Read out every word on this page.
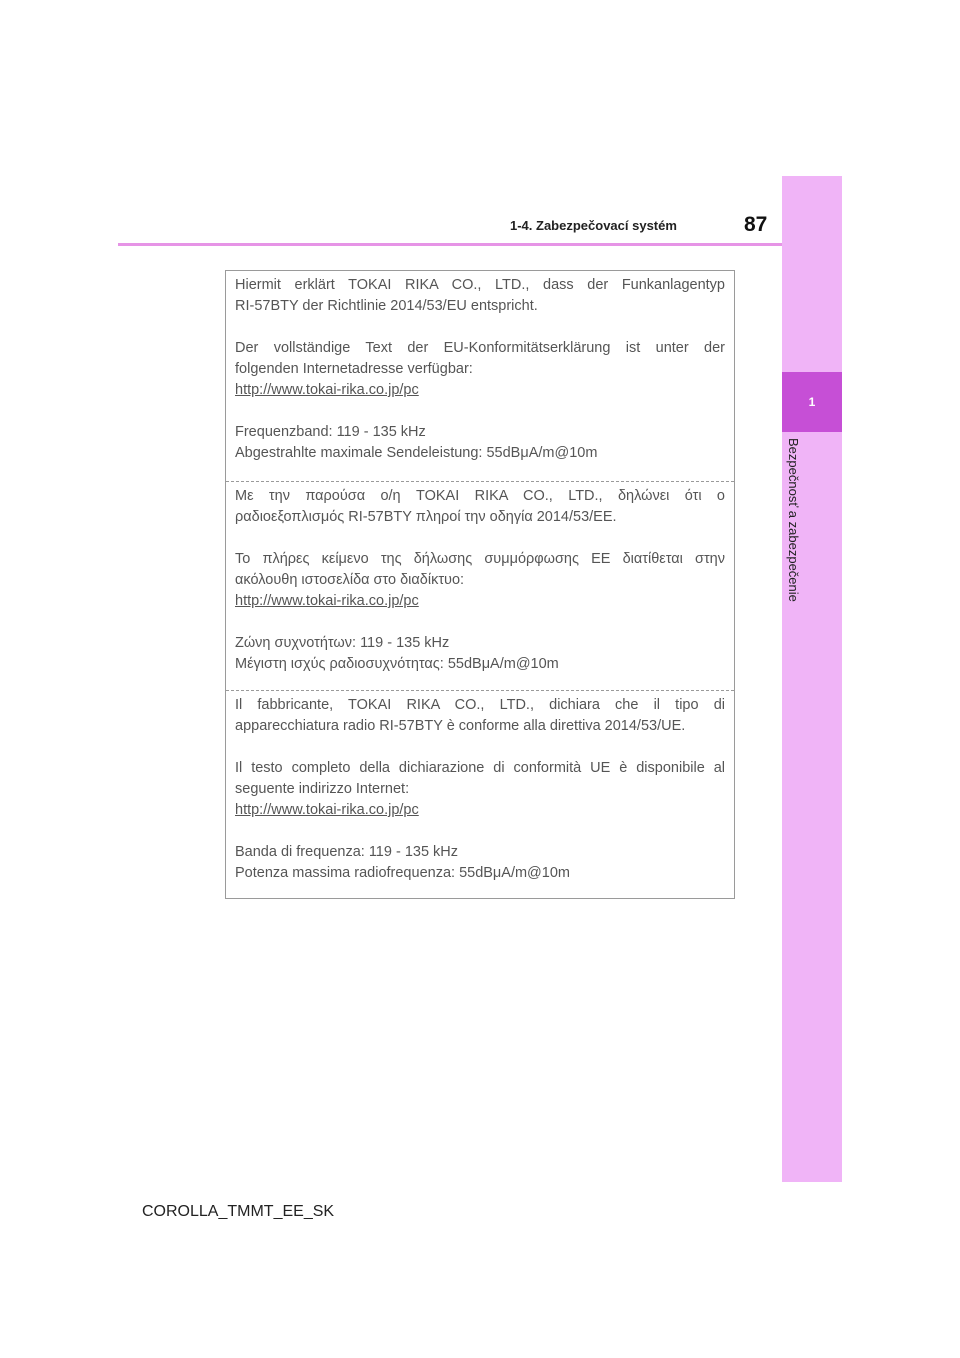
1-4. Zabezpečovací systém	87
1
Bezpečnosť a zabezpečenie
Hiermit erklärt TOKAI RIKA CO., LTD., dass der Funkanlagentyp
RI-57BTY der Richtlinie 2014/53/EU entspricht.
Der vollständige Text der EU-Konformitätserklärung ist unter der
folgenden Internetadresse verfügbar:
http://www.tokai-rika.co.jp/pc
Frequenzband: 119 - 135 kHz
Abgestrahlte maximale Sendeleistung: 55dBμA/m@10m
Με την παρούσα ο/η TOKAI RIKA CO., LTD., δηλώνει ότι ο
ραδιοεξοπλισμός RI-57BTY πληροί την οδηγία 2014/53/ΕΕ.
Το πλήρες κείμενο της δήλωσης συμμόρφωσης ΕΕ διατίθεται στην
ακόλουθη ιστοσελίδα στο διαδίκτυο:
http://www.tokai-rika.co.jp/pc
Ζώνη συχνοτήτων: 119 - 135 kHz
Μέγιστη ισχύς ραδιοσυχνότητας: 55dBμA/m@10m
Il fabbricante, TOKAI RIKA CO., LTD., dichiara che il tipo di
apparecchiatura radio RI-57BTY è conforme alla direttiva 2014/53/UE.
Il testo completo della dichiarazione di conformità UE è disponibile al
seguente indirizzo Internet:
http://www.tokai-rika.co.jp/pc
Banda di frequenza: 119 - 135 kHz
Potenza massima radiofrequenza: 55dBμA/m@10m
COROLLA_TMMT_EE_SK
